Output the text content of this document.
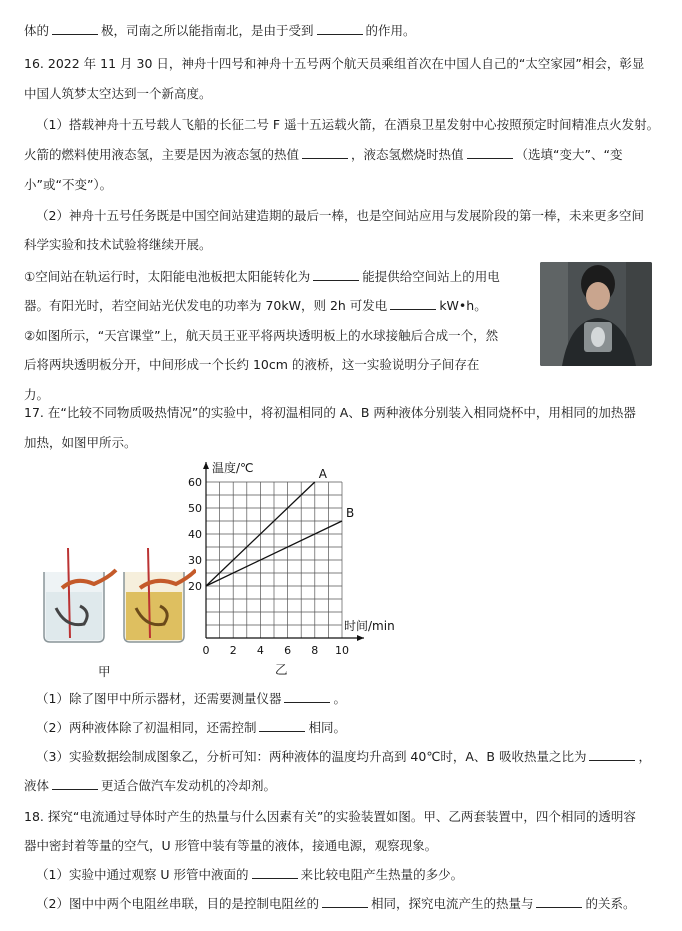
体的	极，司南之所以能指南北，是由于受到	的作用。
16. 2022 年 11 月 30 日，神舟十四号和神舟十五号两个航天员乘组首次在中国人自己的“太空家园”相会，彰显
中国人筑梦太空达到一个新高度。
（1）搭载神舟十五号载人飞船的长征二号 F 遥十五运载火箭，在酒泉卫星发射中心按照预定时间精准点火发射。
火箭的燃料使用液态氢，主要是因为液态氢的热值	，液态氢燃烧时热值	（选填“变大”、“变
小”或“不变”）。
（2）神舟十五号任务既是中国空间站建造期的最后一棒，也是空间站应用与发展阶段的第一棒，未来更多空间
科学实验和技术试验将继续开展。
①空间站在轨运行时，太阳能电池板把太阳能转化为	能提供给空间站上的用电
器。有阳光时，若空间站光伏发电的功率为 70kW，则 2h 可发电	kW•h。
②如图所示，“天宫课堂”上，航天员王亚平将两块透明板上的水球接触后合成一个，然
后将两块透明板分开，中间形成一个长约 10cm 的液桥，这一实验说明分子间存在
力。
17. 在“比较不同物质吸热情况”的实验中，将初温相同的 A、B 两种液体分别装入相同烧杯中，用相同的加热器
加热，如图甲所示。
甲
0 2 4 6 8 10
20
30
40
50
60
温度/℃
时间/min
A
B
乙
（1）除了图甲中所示器材，还需要测量仪器	。
（2）两种液体除了初温相同，还需控制	相同。
（3）实验数据绘制成图象乙，分析可知：两种液体的温度均升高到 40℃时，A、B 吸收热量之比为	，
液体	更适合做汽车发动机的冷却剂。
18. 探究“电流通过导体时产生的热量与什么因素有关”的实验装置如图。甲、乙两套装置中，四个相同的透明容
器中密封着等量的空气，U 形管中装有等量的液体，接通电源，观察现象。
（1）实验中通过观察 U 形管中液面的	来比较电阻产生热量的多少。
（2）图中中两个电阻丝串联，目的是控制电阻丝的	相同，探究电流产生的热量与	的关系。
